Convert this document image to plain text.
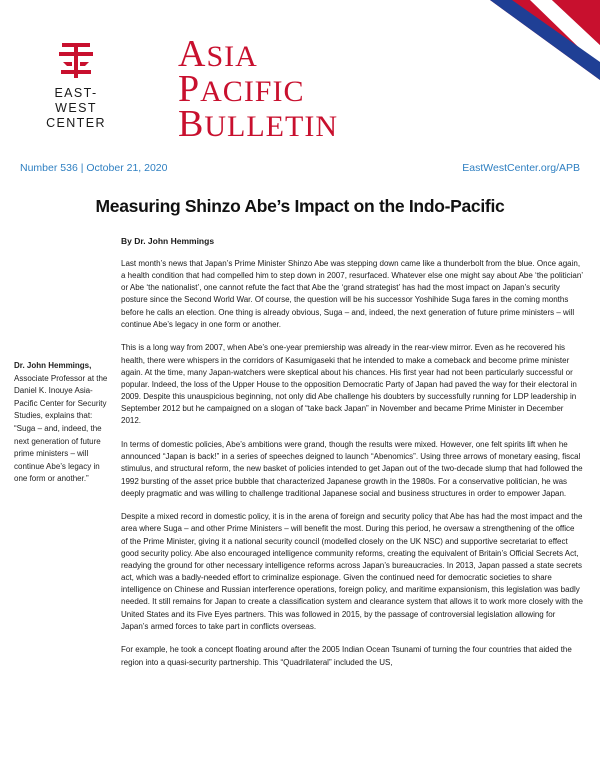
EAST-WEST
CENTER
ASIA
PACIFIC
BULLETIN
Number 536 | October 21, 2020	EastWestCenter.org/APB
Measuring Shinzo Abe’s Impact on the Indo-Pacific
By Dr. John Hemmings
Dr. John Hemmings, Associate Professor at the Daniel K. Inouye Asia-Pacific Center for Security Studies, explains that: “Suga – and, indeed, the next generation of future prime ministers – will continue Abe’s legacy in one form or another.”

Last month’s news that Japan’s Prime Minister Shinzo Abe was stepping down came like a thunderbolt from the blue. Once again, a health condition that had compelled him to step down in 2007, resurfaced. Whatever else one might say about Abe ‘the politician’ or Abe ‘the nationalist’, one cannot refute the fact that Abe the ‘grand strategist’ has had the most impact on Japan’s security posture since the Second World War. Of course, the question will be his successor Yoshihide Suga fares in the coming months before he calls an election. One thing is already obvious, Suga – and, indeed, the next generation of future prime ministers – will continue Abe’s legacy in one form or another.

This is a long way from 2007, when Abe’s one-year premiership was already in the rear-view mirror. Even as he recovered his health, there were whispers in the corridors of Kasumigaseki that he intended to make a comeback and become prime minister again. At the time, many Japan-watchers were skeptical about his chances. His first year had not been particularly successful or popular. Indeed, the loss of the Upper House to the opposition Democratic Party of Japan had paved the way for their electoral in 2009. Despite this unauspicious beginning, not only did Abe challenge his doubters by successfully running for LDP leadership in September 2012 but he campaigned on a slogan of “take back Japan” in November and became Prime Minister in December 2012.

In terms of domestic policies, Abe’s ambitions were grand, though the results were mixed. However, one felt spirits lift when he announced “Japan is back!” in a series of speeches deigned to launch “Abenomics”. Using three arrows of monetary easing, fiscal stimulus, and structural reform, the new basket of policies intended to get Japan out of the two-decade slump that had followed the 1992 bursting of the asset price bubble that characterized Japanese growth in the 1980s. For a conservative politician, he was deeply pragmatic and was willing to challenge traditional Japanese social and business structures in order to empower Japan.

Despite a mixed record in domestic policy, it is in the arena of foreign and security policy that Abe has had the most impact and the area where Suga – and other Prime Ministers – will benefit the most. During this period, he oversaw a strengthening of the office of the Prime Minister, giving it a national security council (modelled closely on the UK NSC) and supportive secretariat to effect good security policy. Abe also encouraged intelligence community reforms, creating the equivalent of Britain’s Official Secrets Act, readying the ground for other necessary intelligence reforms across Japan’s bureaucracies. In 2013, Japan passed a state secrets act, which was a badly-needed effort to criminalize espionage. Given the continued need for democratic societies to share intelligence on Chinese and Russian interference operations, foreign policy, and maritime expansionism, this legislation was badly needed. It still remains for Japan to create a classification system and clearance system that allows it to work more closely with the United States and its Five Eyes partners. This was followed in 2015, by the passage of controversial legislation allowing for Japan’s armed forces to take part in conflicts overseas.

For example, he took a concept floating around after the 2005 Indian Ocean Tsunami of turning the four countries that aided the region into a quasi-security partnership. This “Quadrilateral” included the US,
